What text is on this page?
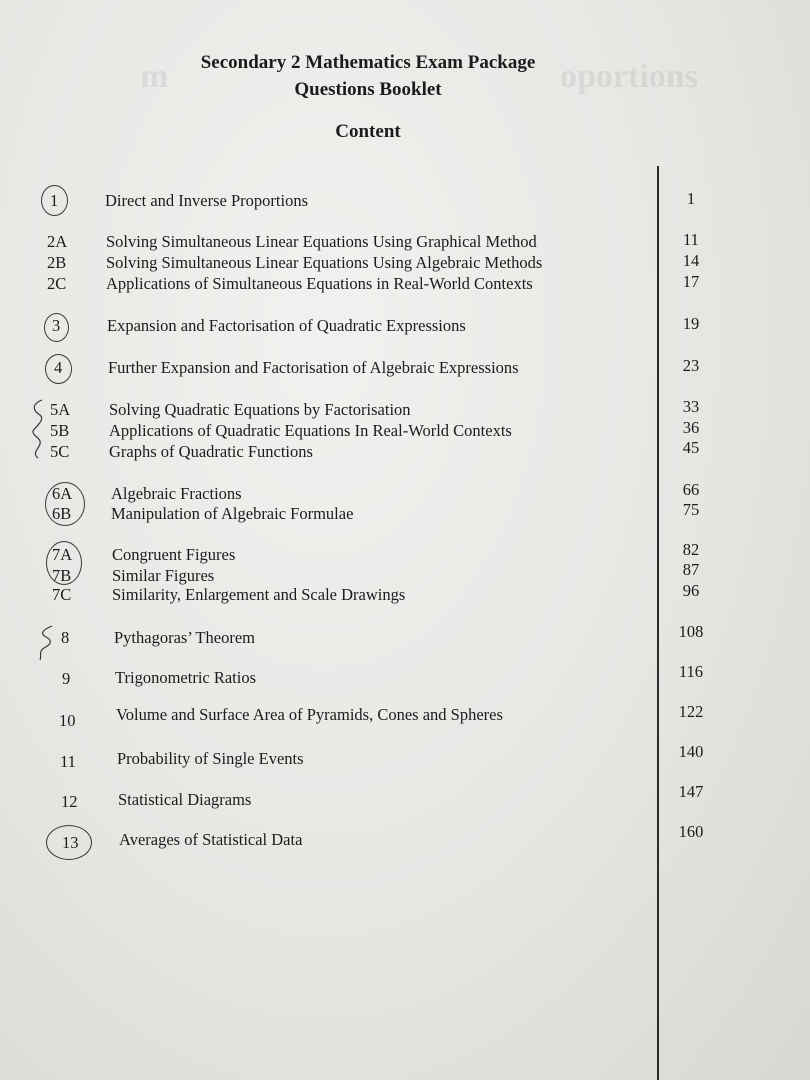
m	oportions
Secondary 2 Mathematics Exam Package
Questions Booklet
Content
1	Direct and Inverse Proportions	1
2A Solving Simultaneous Linear Equations Using Graphical Method	11
2B Solving Simultaneous Linear Equations Using Algebraic Methods	14
2C Applications of Simultaneous Equations in Real-World Contexts	17
3	Expansion and Factorisation of Quadratic Expressions	19
4	Further Expansion and Factorisation of Algebraic Expressions	23
5A Solving Quadratic Equations by Factorisation	33
5B Applications of Quadratic Equations In Real-World Contexts	36
5C Graphs of Quadratic Functions	45
6A Algebraic Fractions	66
6B Manipulation of Algebraic Formulae	75
7A Congruent Figures	82
7B Similar Figures	87
7C Similarity, Enlargement and Scale Drawings	96
8	Pythagoras’ Theorem	108
9	Trigonometric Ratios	116
10 Volume and Surface Area of Pyramids, Cones and Spheres	122
11 Probability of Single Events	140
12 Statistical Diagrams	147
13 Averages of Statistical Data	160
